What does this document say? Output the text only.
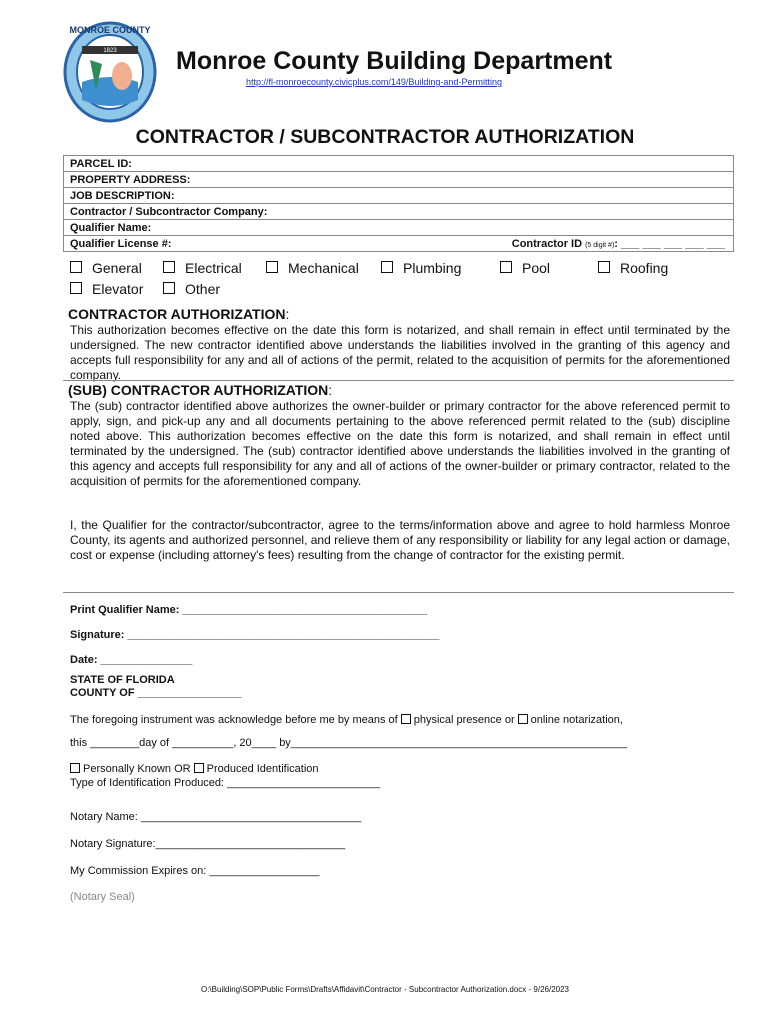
1823
MONROE COUNTY
Monroe County Building Department
http://fl-monroecounty.civicplus.com/149/Building-and-Permitting
CONTRACTOR / SUBCONTRACTOR AUTHORIZATION
PARCEL ID:
PROPERTY ADDRESS:
JOB DESCRIPTION:
Contractor / Subcontractor Company:
Qualifier Name:
Qualifier License #:	Contractor ID (5 digit #): ___ ___ ___ ___ ___
General	Electrical	Mechanical	Plumbing	Pool	Roofing
Elevator	Other
CONTRACTOR AUTHORIZATION:
This authorization becomes effective on the date this form is notarized, and shall remain in effect until terminated by the undersigned. The new contractor identified above understands the liabilities involved in the granting of this agency and accepts full responsibility for any and all of actions of the permit, related to the acquisition of permits for the aforementioned company.
(SUB) CONTRACTOR AUTHORIZATION:
The (sub) contractor identified above authorizes the owner-builder or primary contractor for the above referenced permit to apply, sign, and pick-up any and all documents pertaining to the above referenced permit related to the (sub) discipline noted above. This authorization becomes effective on the date this form is notarized, and shall remain in effect until terminated by the undersigned. The (sub) contractor identified above understands the liabilities involved in the granting of this agency and accepts full responsibility for any and all of actions of the owner-builder or primary contractor, related to the acquisition of permits for the aforementioned company.
I, the Qualifier for the contractor/subcontractor, agree to the terms/information above and agree to hold harmless Monroe County, its agents and authorized personnel, and relieve them of any responsibility or liability for any legal action or damage, cost or expense (including attorney's fees) resulting from the change of contractor for the existing permit.
Print Qualifier Name: ________________________________________
Signature: ___________________________________________________
Date: _______________
STATE OF FLORIDA
COUNTY OF _________________
The foregoing instrument was acknowledge before me by means of physical presence or online notarization,
this ________day of __________, 20____ by_______________________________________________________
Personally Known OR Produced Identification
Type of Identification Produced: _________________________
Notary Name: ____________________________________
Notary Signature:_______________________________
My Commission Expires on: __________________
(Notary Seal)
O:\Building\SOP\Public Forms\Drafts\Affidavit\Contractor - Subcontractor Authorization.docx - 9/26/2023
